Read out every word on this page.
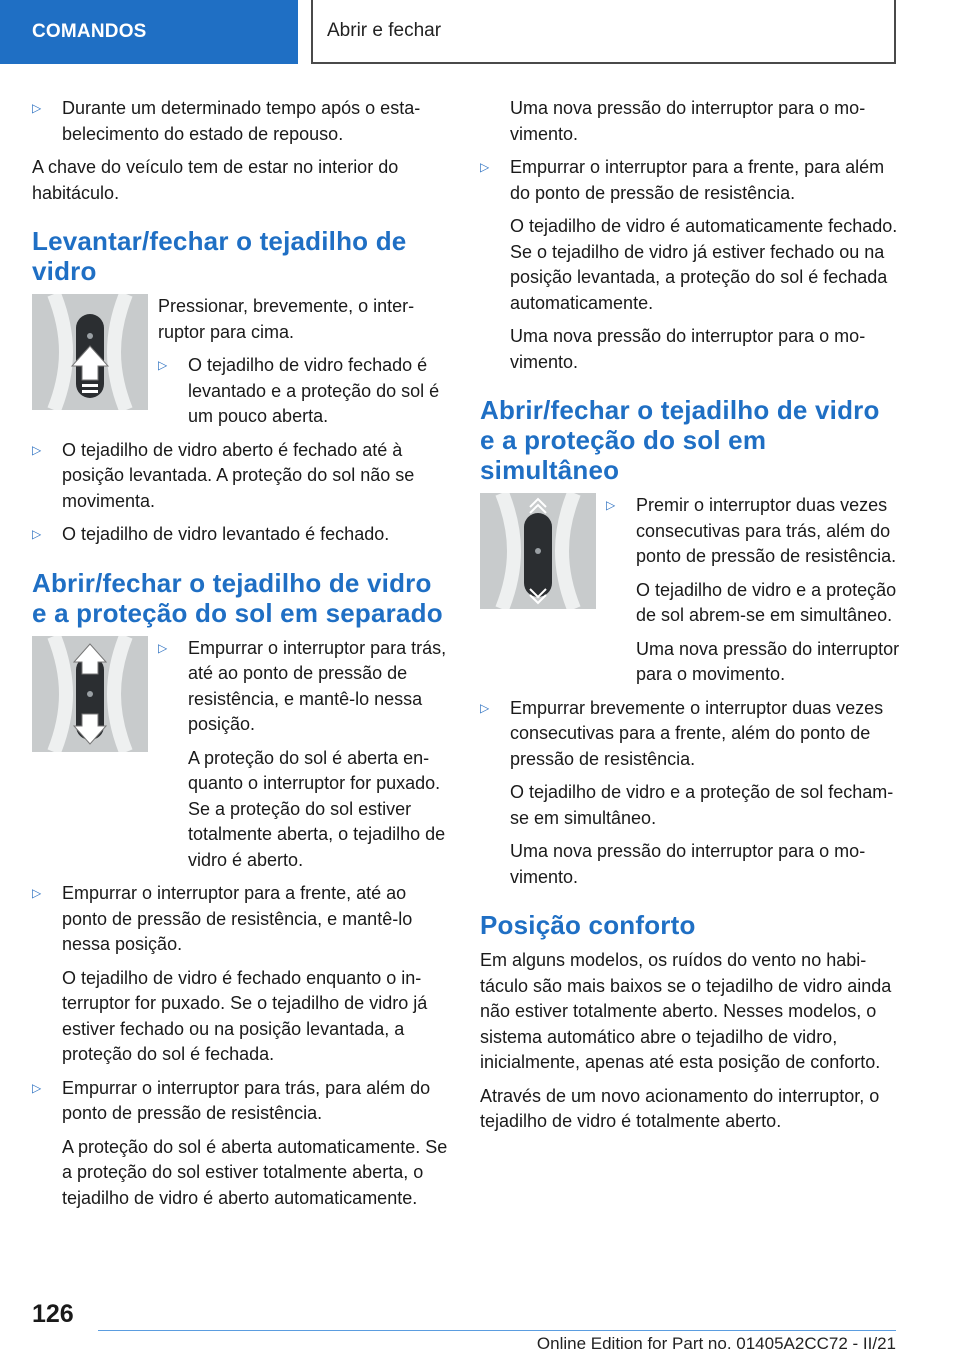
COMANDOS	Abrir e fechar

▷ Durante um determinado tempo após o estabelecimento do estado de repouso.

A chave do veículo tem de estar no interior do habitáculo.

Levantar/fechar o tejadilho de vidro

Pressionar, brevemente, o interruptor para cima.

▷ O tejadilho de vidro fechado é levantado e a proteção do sol é um pouco aberta.

▷ O tejadilho de vidro aberto é fechado até à posição levantada. A proteção do sol não se movimenta.

▷ O tejadilho de vidro levantado é fechado.

Abrir/fechar o tejadilho de vidro e a proteção do sol em separado

▷ Empurrar o interruptor para trás, até ao ponto de pressão de resistência, e mantê-lo nessa posição.

A proteção do sol é aberta enquanto o interruptor for puxado. Se a proteção do sol estiver totalmente aberta, o tejadilho de vidro é aberto.

▷ Empurrar o interruptor para a frente, até ao ponto de pressão de resistência, e mantê-lo nessa posição.

O tejadilho de vidro é fechado enquanto o interruptor for puxado. Se o tejadilho de vidro já estiver fechado ou na posição levantada, a proteção do sol é fechada.

▷ Empurrar o interruptor para trás, para além do ponto de pressão de resistência.

A proteção do sol é aberta automaticamente. Se a proteção do sol estiver totalmente aberta, o tejadilho de vidro é aberto automaticamente.

Uma nova pressão do interruptor para o movimento.

▷ Empurrar o interruptor para a frente, para além do ponto de pressão de resistência.

O tejadilho de vidro é automaticamente fechado. Se o tejadilho de vidro já estiver fechado ou na posição levantada, a proteção do sol é fechada automaticamente.

Uma nova pressão do interruptor para o movimento.

Abrir/fechar o tejadilho de vidro e a proteção do sol em simultâneo

▷ Premir o interruptor duas vezes consecutivas para trás, além do ponto de pressão de resistência.

O tejadilho de vidro e a proteção de sol abrem-se em simultâneo.

Uma nova pressão do interruptor para o movimento.

▷ Empurrar brevemente o interruptor duas vezes consecutivas para a frente, além do ponto de pressão de resistência.

O tejadilho de vidro e a proteção de sol fecham-se em simultâneo.

Uma nova pressão do interruptor para o movimento.

Posição conforto

Em alguns modelos, os ruídos do vento no habitáculo são mais baixos se o tejadilho de vidro ainda não estiver totalmente aberto. Nesses modelos, o sistema automático abre o tejadilho de vidro, inicialmente, apenas até esta posição de conforto.

Através de um novo acionamento do interruptor, o tejadilho de vidro é totalmente aberto.

126
Online Edition for Part no. 01405A2CC72 - II/21
